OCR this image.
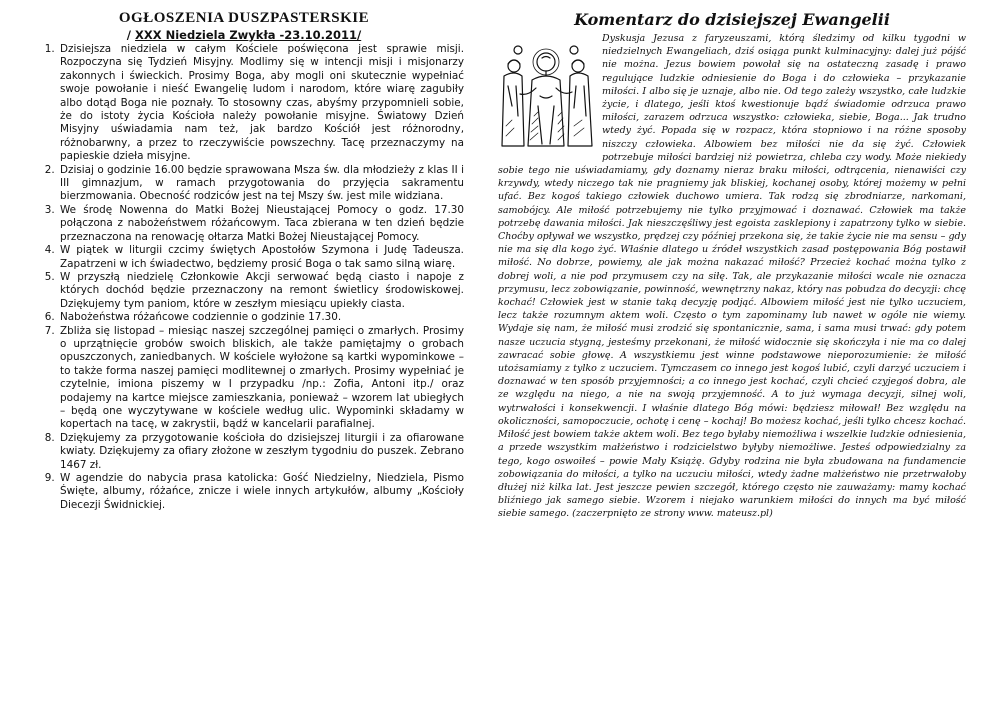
OGŁOSZENIA DUSZPASTERSKIE

/ XXX Niedziela Zwykła -23.10.2011/

1. Dzisiejsza niedziela w całym Kościele poświęcona jest sprawie misji. Rozpoczyna się Tydzień Misyjny. Modlimy się w intencji misji i misjonarzy zakonnych i świeckich. Prosimy Boga, aby mogli oni skutecznie wypełniać swoje powołanie i nieść Ewangelię ludom i narodom, które wiarę zagubiły albo dotąd Boga nie poznały. To stosowny czas, abyśmy przypomnieli sobie, że do istoty życia Kościoła należy powołanie misyjne. Światowy Dzień Misyjny uświadamia nam też, jak bardzo Kościół jest różnorodny, różnobarwny, a przez to rzeczywiście powszechny. Tacę przeznaczymy na papieskie dzieła misyjne.
2. Dzisiaj o godzinie 16.00 będzie sprawowana Msza św. dla młodzieży z klas II i III gimnazjum, w ramach przygotowania do przyjęcia sakramentu bierzmowania. Obecność rodziców jest na tej Mszy św. jest mile widziana.
3. We środę Nowenna do Matki Bożej Nieustającej Pomocy o godz. 17.30 połączona z nabożeństwem różańcowym. Taca zbierana w ten dzień będzie przeznaczona na renowację ołtarza Matki Bożej Nieustającej Pomocy.
4. W piątek w liturgii czcimy świętych Apostołów Szymona i Judę Tadeusza. Zapatrzeni w ich świadectwo, będziemy prosić Boga o tak samo silną wiarę.
5. W przyszłą niedzielę Członkowie Akcji serwować będą ciasto i napoje z których dochód będzie przeznaczony na remont świetlicy środowiskowej. Dziękujemy tym paniom, które w zeszłym miesiącu upiekły ciasta.
6. Nabożeństwa różańcowe codziennie o godzinie 17.30.
7. Zbliża się listopad – miesiąc naszej szczególnej pamięci o zmarłych. Prosimy o uprzątnięcie grobów swoich bliskich, ale także pamiętajmy o grobach opuszczonych, zaniedbanych. W kościele wyłożone są kartki wypominkowe – to także forma naszej pamięci modlitewnej o zmarłych. Prosimy wypełniać je czytelnie, imiona piszemy w I przypadku /np.: Zofia, Antoni itp./ oraz podajemy na kartce miejsce zamieszkania, ponieważ – wzorem lat ubiegłych – będą one wyczytywane w kościele według ulic. Wypominki składamy w kopertach na tacę, w zakrystii, bądź w kancelarii parafialnej.
8. Dziękujemy za przygotowanie kościoła do dzisiejszej liturgii i za ofiarowane kwiaty. Dziękujemy za ofiary złożone w zeszłym tygodniu do puszek. Zebrano 1467 zł.
9. W agendzie do nabycia prasa katolicka: Gość Niedzielny, Niedziela, Pismo Święte, albumy, różańce, znicze i wiele innych artykułów, albumy „Kościoły Diecezji Świdnickiej.
Komentarz do dzisiejszej Ewangelii

Dyskusja Jezusa z faryzeuszami, którą śledzimy od kilku tygodni w niedzielnych Ewangeliach, dziś osiąga punkt kulminacyjny: dalej już pójść nie można. Jezus bowiem powołał się na ostateczną zasadę i prawo regulujące ludzkie odniesienie do Boga i do człowieka – przykazanie miłości. I albo się je uznaje, albo nie. Od tego zależy wszystko, całe ludzkie życie, i dlatego, jeśli ktoś kwestionuje bądź świadomie odrzuca prawo miłości, zarazem odrzuca wszystko: człowieka, siebie, Boga... Jak trudno wtedy żyć. Popada się w rozpacz, która stopniowo i na różne sposoby niszczy człowieka. Albowiem bez miłości nie da się żyć. Człowiek potrzebuje miłości bardziej niż powietrza, chleba czy wody. Może niekiedy sobie tego nie uświadamiamy, gdy doznamy nieraz braku miłości, odtrącenia, nienawiści czy krzywdy, wtedy niczego tak nie pragniemy jak bliskiej, kochanej osoby, której możemy w pełni ufać. Bez kogoś takiego człowiek duchowo umiera. Tak rodzą się zbrodniarze, narkomani, samobójcy. Ale miłość potrzebujemy nie tylko przyjmować i doznawać. Człowiek ma także potrzebę dawania miłości. Jak nieszczęśliwy jest egoista zasklepiony i zapatrzony tylko w siebie. Choćby opływał we wszystko, prędzej czy później przekona się, że takie życie nie ma sensu – gdy nie ma się dla kogo żyć. Właśnie dlatego u źródeł wszystkich zasad postępowania Bóg postawił miłość. No dobrze, powiemy, ale jak można nakazać miłość? Przecież kochać można tylko z dobrej woli, a nie pod przymusem czy na siłę. Tak, ale przykazanie miłości wcale nie oznacza przymusu, lecz zobowiązanie, powinność, wewnętrzny nakaz, który nas pobudza do decyzji: chcę kochać! Człowiek jest w stanie taką decyzję podjąć. Albowiem miłość jest nie tylko uczuciem, lecz także rozumnym aktem woli. Często o tym zapominamy lub nawet w ogóle nie wiemy. Wydaje się nam, że miłość musi zrodzić się spontanicznie, sama, i sama musi trwać: gdy potem nasze uczucia stygną, jesteśmy przekonani, że miłość widocznie się skończyła i nie ma co dalej zawracać sobie głowę. A wszystkiemu jest winne podstawowe nieporozumienie: że miłość utożsamiamy z tylko z uczuciem. Tymczasem co innego jest kogoś lubić, czyli darzyć uczuciem i doznawać w ten sposób przyjemności; a co innego jest kochać, czyli chcieć czyjegoś dobra, ale ze względu na niego, a nie na swoją przyjemność. A to już wymaga decyzji, silnej woli, wytrwałości i konsekwencji. I właśnie dlatego Bóg mówi: będziesz miłował! Bez względu na okoliczności, samopoczucie, ochotę i cenę – kochaj! Bo możesz kochać, jeśli tylko chcesz kochać. Miłość jest bowiem także aktem woli. Bez tego byłaby niemożliwa i wszelkie ludzkie odniesienia, a przede wszystkim małżeństwo i rodzicielstwo byłyby niemożliwe. Jesteś odpowiedzialny za tego, kogo oswoiłeś – powie Mały Książę. Gdyby rodzina nie była zbudowana na fundamencie zobowiązania do miłości, a tylko na uczuciu miłości, wtedy żadne małżeństwo nie przetrwałoby dłużej niż kilka lat. Jest jeszcze pewien szczegół, którego często nie zauważamy: mamy kochać bliźniego jak samego siebie. Wzorem i niejako warunkiem miłości do innych ma być miłość siebie samego. (zaczerpnięto ze strony www. mateusz.pl)
